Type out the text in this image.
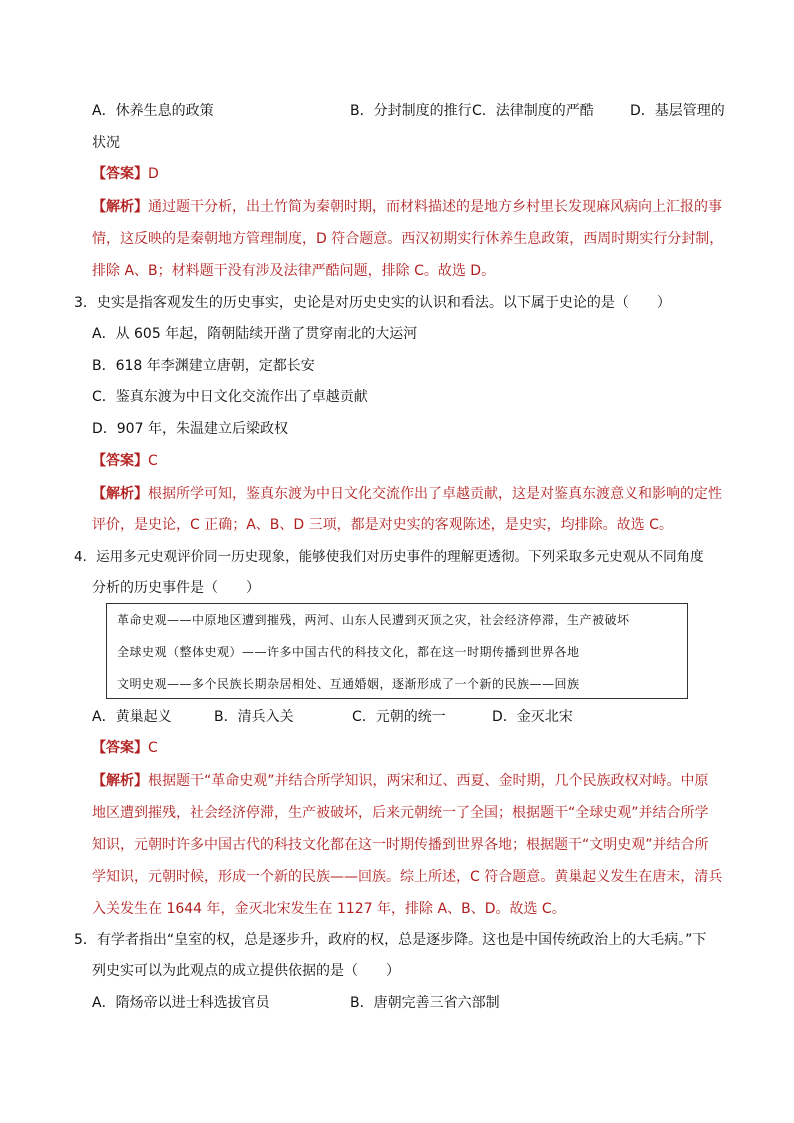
A．休养生息的政策	B．分封制度的推行 C．法律制度的严酷	D．基层管理的
状况
【答案】D
【解析】通过题干分析，出土竹简为秦朝时期，而材料描述的是地方乡村里长发现麻风病向上汇报的事
情，这反映的是秦朝地方管理制度，D 符合题意。西汉初期实行休养生息政策，西周时期实行分封制，
排除 A、B；材料题干没有涉及法律严酷问题，排除 C。故选 D。
3．史实是指客观发生的历史事实，史论是对历史史实的认识和看法。以下属于史论的是（　　）
A．从 605 年起，隋朝陆续开凿了贯穿南北的大运河
B．618 年李渊建立唐朝，定都长安
C．鉴真东渡为中日文化交流作出了卓越贡献
D．907 年，朱温建立后梁政权
【答案】C
【解析】根据所学可知，鉴真东渡为中日文化交流作出了卓越贡献，这是对鉴真东渡意义和影响的定性
评价，是史论，C 正确；A、B、D 三项，都是对史实的客观陈述，是史实，均排除。故选 C。
4．运用多元史观评价同一历史现象，能够使我们对历史事件的理解更透彻。下列采取多元史观从不同角度
分析的历史事件是（　　）
革命史观——中原地区遭到摧残，两河、山东人民遭到灭顶之灾，社会经济停滞，生产被破坏
全球史观（整体史观）——许多中国古代的科技文化，都在这一时期传播到世界各地
文明史观——多个民族长期杂居相处、互通婚姻，逐渐形成了一个新的民族——回族
A．黄巢起义	B．清兵入关	C．元朝的统一	D．金灭北宋
【答案】C
【解析】根据题干“革命史观”并结合所学知识，两宋和辽、西夏、金时期，几个民族政权对峙。中原
地区遭到摧残，社会经济停滞，生产被破坏，后来元朝统一了全国；根据题干“全球史观”并结合所学
知识，元朝时许多中国古代的科技文化都在这一时期传播到世界各地；根据题干“文明史观”并结合所
学知识，元朝时候，形成一个新的民族——回族。综上所述，C 符合题意。黄巢起义发生在唐末，清兵
入关发生在 1644 年，金灭北宋发生在 1127 年，排除 A、B、D。故选 C。
5．有学者指出“皇室的权，总是逐步升，政府的权，总是逐步降。这也是中国传统政治上的大毛病。”下
列史实可以为此观点的成立提供依据的是（　　）
A．隋炀帝以进士科选拔官员	B．唐朝完善三省六部制
